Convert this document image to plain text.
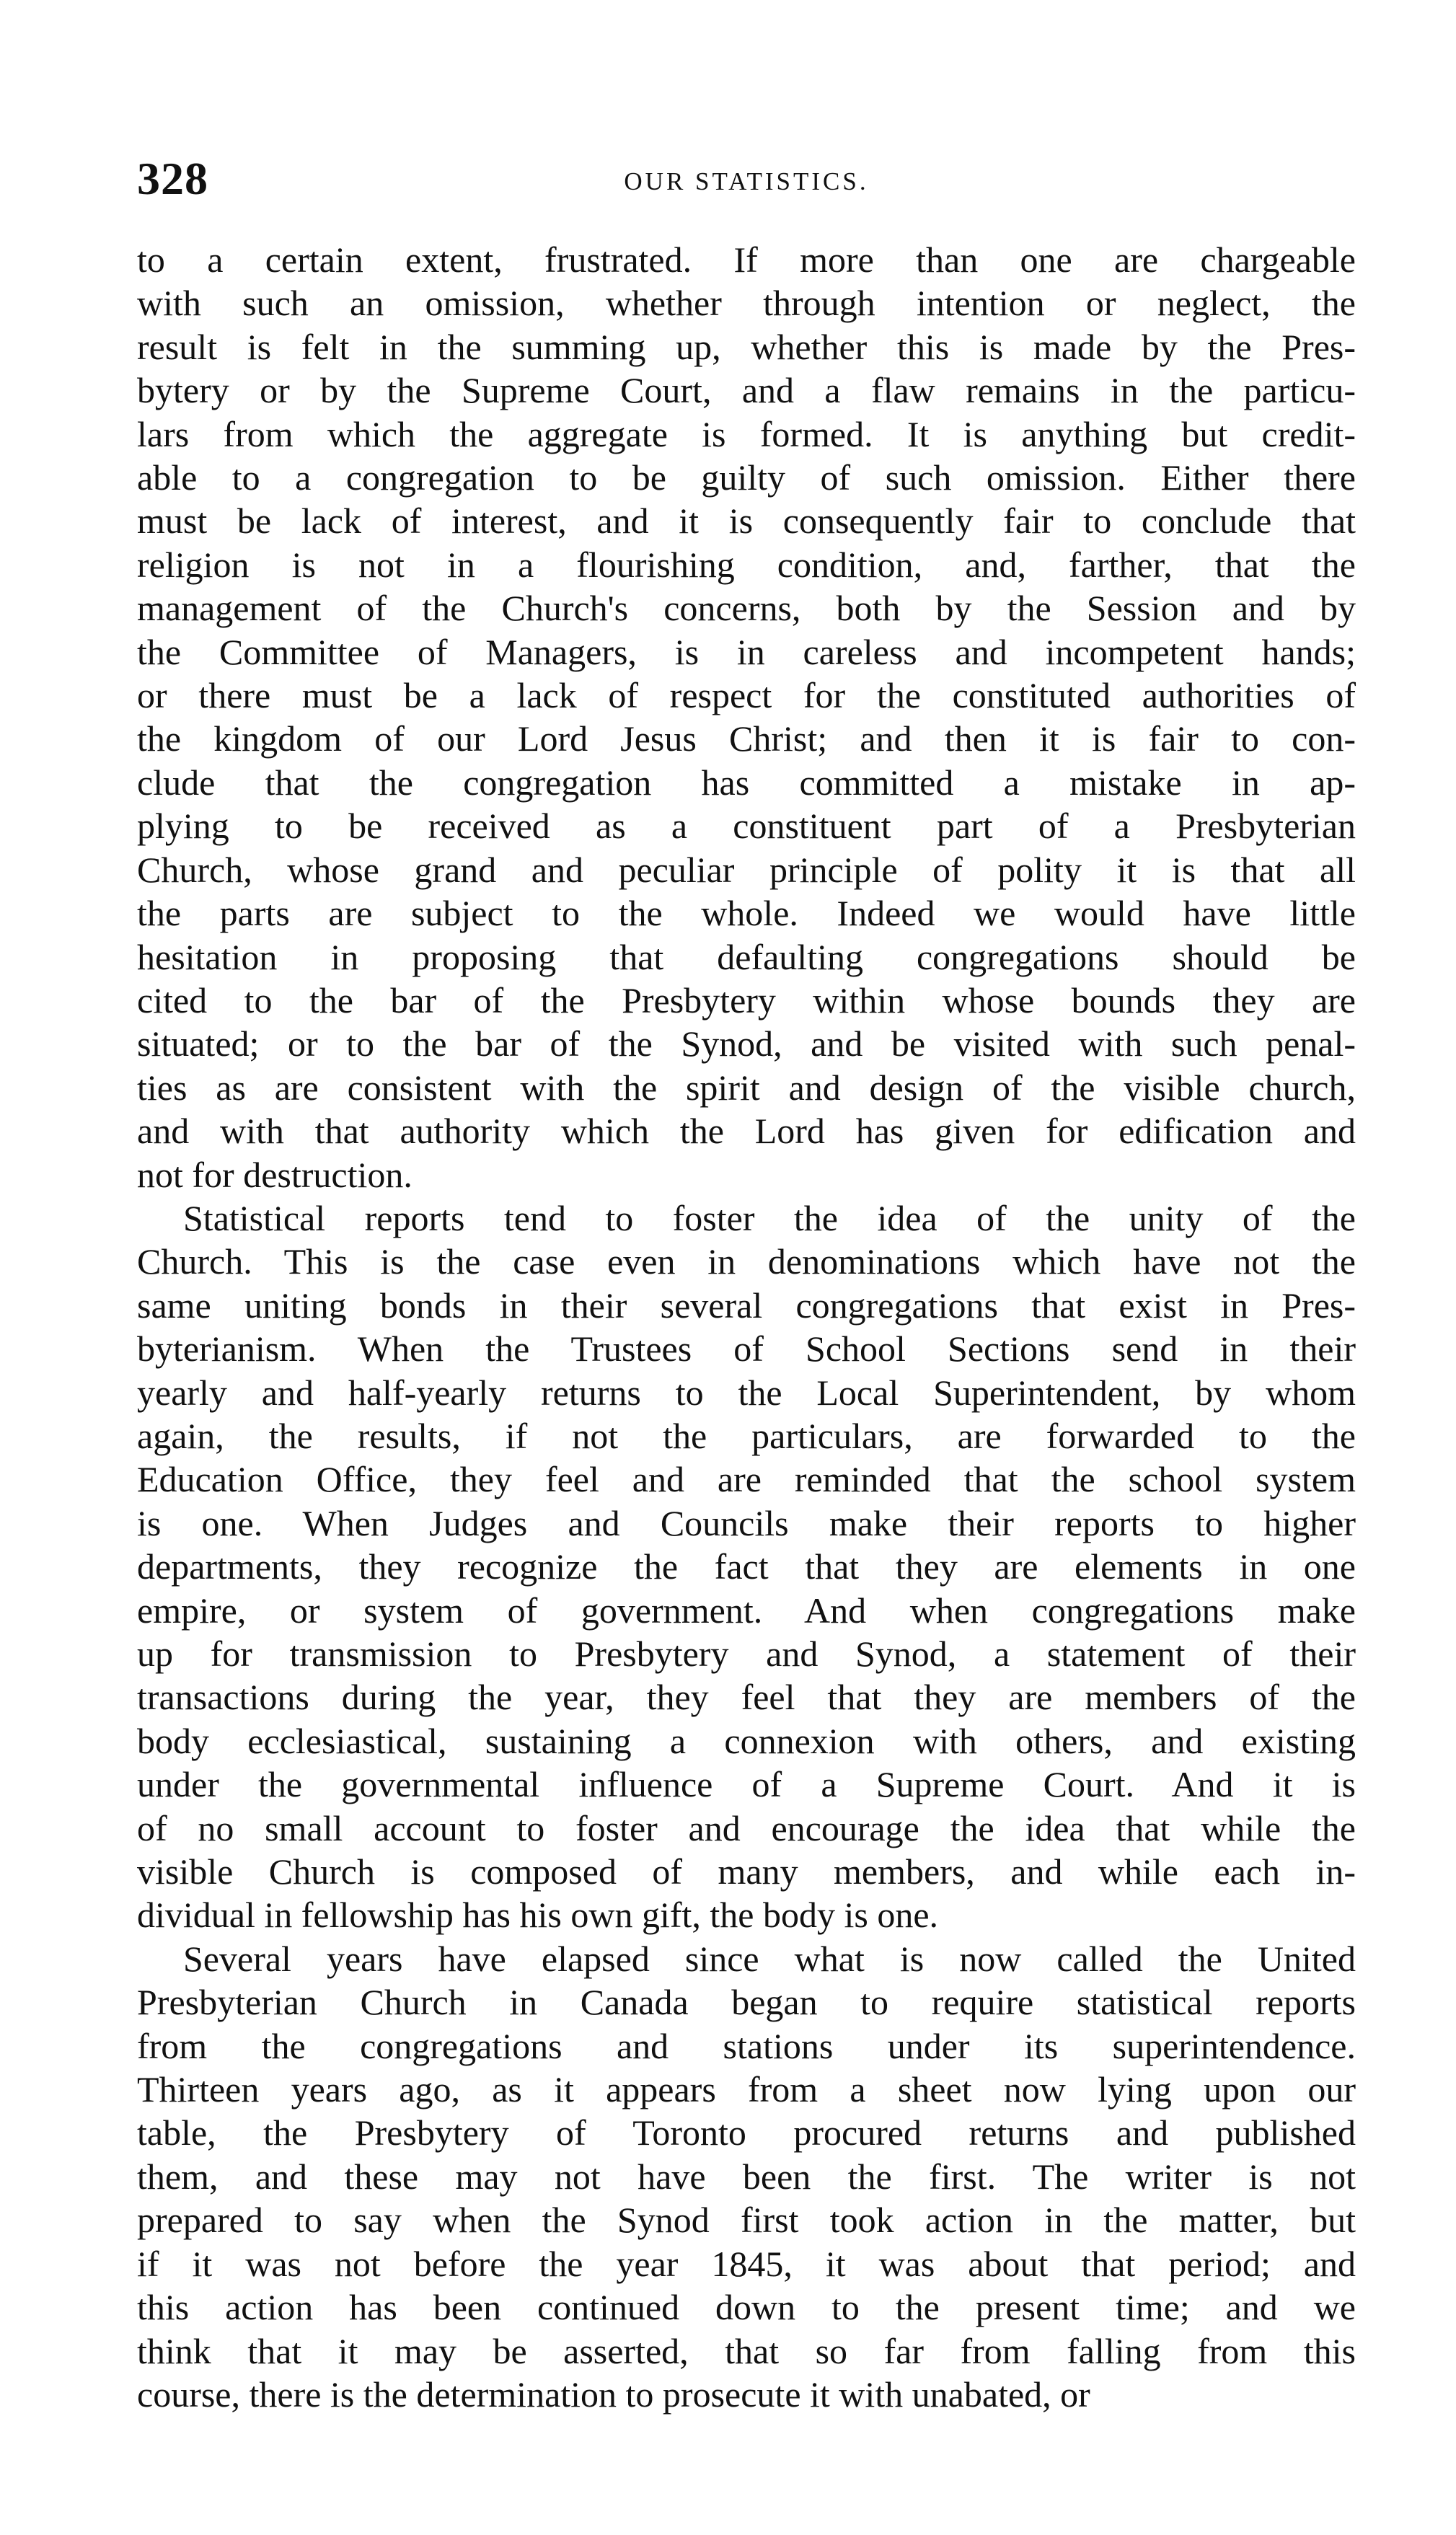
328	OUR STATISTICS.

to a certain extent, frustrated. If more than one are chargeable
with such an omission, whether through intention or neglect, the
result is felt in the summing up, whether this is made by the Pres-
bytery or by the Supreme Court, and a flaw remains in the particu-
lars from which the aggregate is formed. It is anything but credit-
able to a congregation to be guilty of such omission. Either there
must be lack of interest, and it is consequently fair to conclude that
religion is not in a flourishing condition, and, farther, that the
management of the Church's concerns, both by the Session and by
the Committee of Managers, is in careless and incompetent hands;
or there must be a lack of respect for the constituted authorities of
the kingdom of our Lord Jesus Christ; and then it is fair to con-
clude that the congregation has committed a mistake in ap-
plying to be received as a constituent part of a Presbyterian
Church, whose grand and peculiar principle of polity it is that all
the parts are subject to the whole. Indeed we would have little
hesitation in proposing that defaulting congregations should be
cited to the bar of the Presbytery within whose bounds they are
situated; or to the bar of the Synod, and be visited with such penal-
ties as are consistent with the spirit and design of the visible church,
and with that authority which the Lord has given for edification and
not for destruction.

Statistical reports tend to foster the idea of the unity of the
Church. This is the case even in denominations which have not the
same uniting bonds in their several congregations that exist in Pres-
byterianism. When the Trustees of School Sections send in their
yearly and half-yearly returns to the Local Superintendent, by whom
again, the results, if not the particulars, are forwarded to the
Education Office, they feel and are reminded that the school system
is one. When Judges and Councils make their reports to higher
departments, they recognize the fact that they are elements in one
empire, or system of government. And when congregations make
up for transmission to Presbytery and Synod, a statement of their
transactions during the year, they feel that they are members of the
body ecclesiastical, sustaining a connexion with others, and existing
under the governmental influence of a Supreme Court. And it is
of no small account to foster and encourage the idea that while the
visible Church is composed of many members, and while each in-
dividual in fellowship has his own gift, the body is one.

Several years have elapsed since what is now called the United
Presbyterian Church in Canada began to require statistical reports
from the congregations and stations under its superintendence.
Thirteen years ago, as it appears from a sheet now lying upon our
table, the Presbytery of Toronto procured returns and published
them, and these may not have been the first. The writer is not
prepared to say when the Synod first took action in the matter, but
if it was not before the year 1845, it was about that period; and
this action has been continued down to the present time; and we
think that it may be asserted, that so far from falling from this
course, there is the determination to prosecute it with unabated, or
